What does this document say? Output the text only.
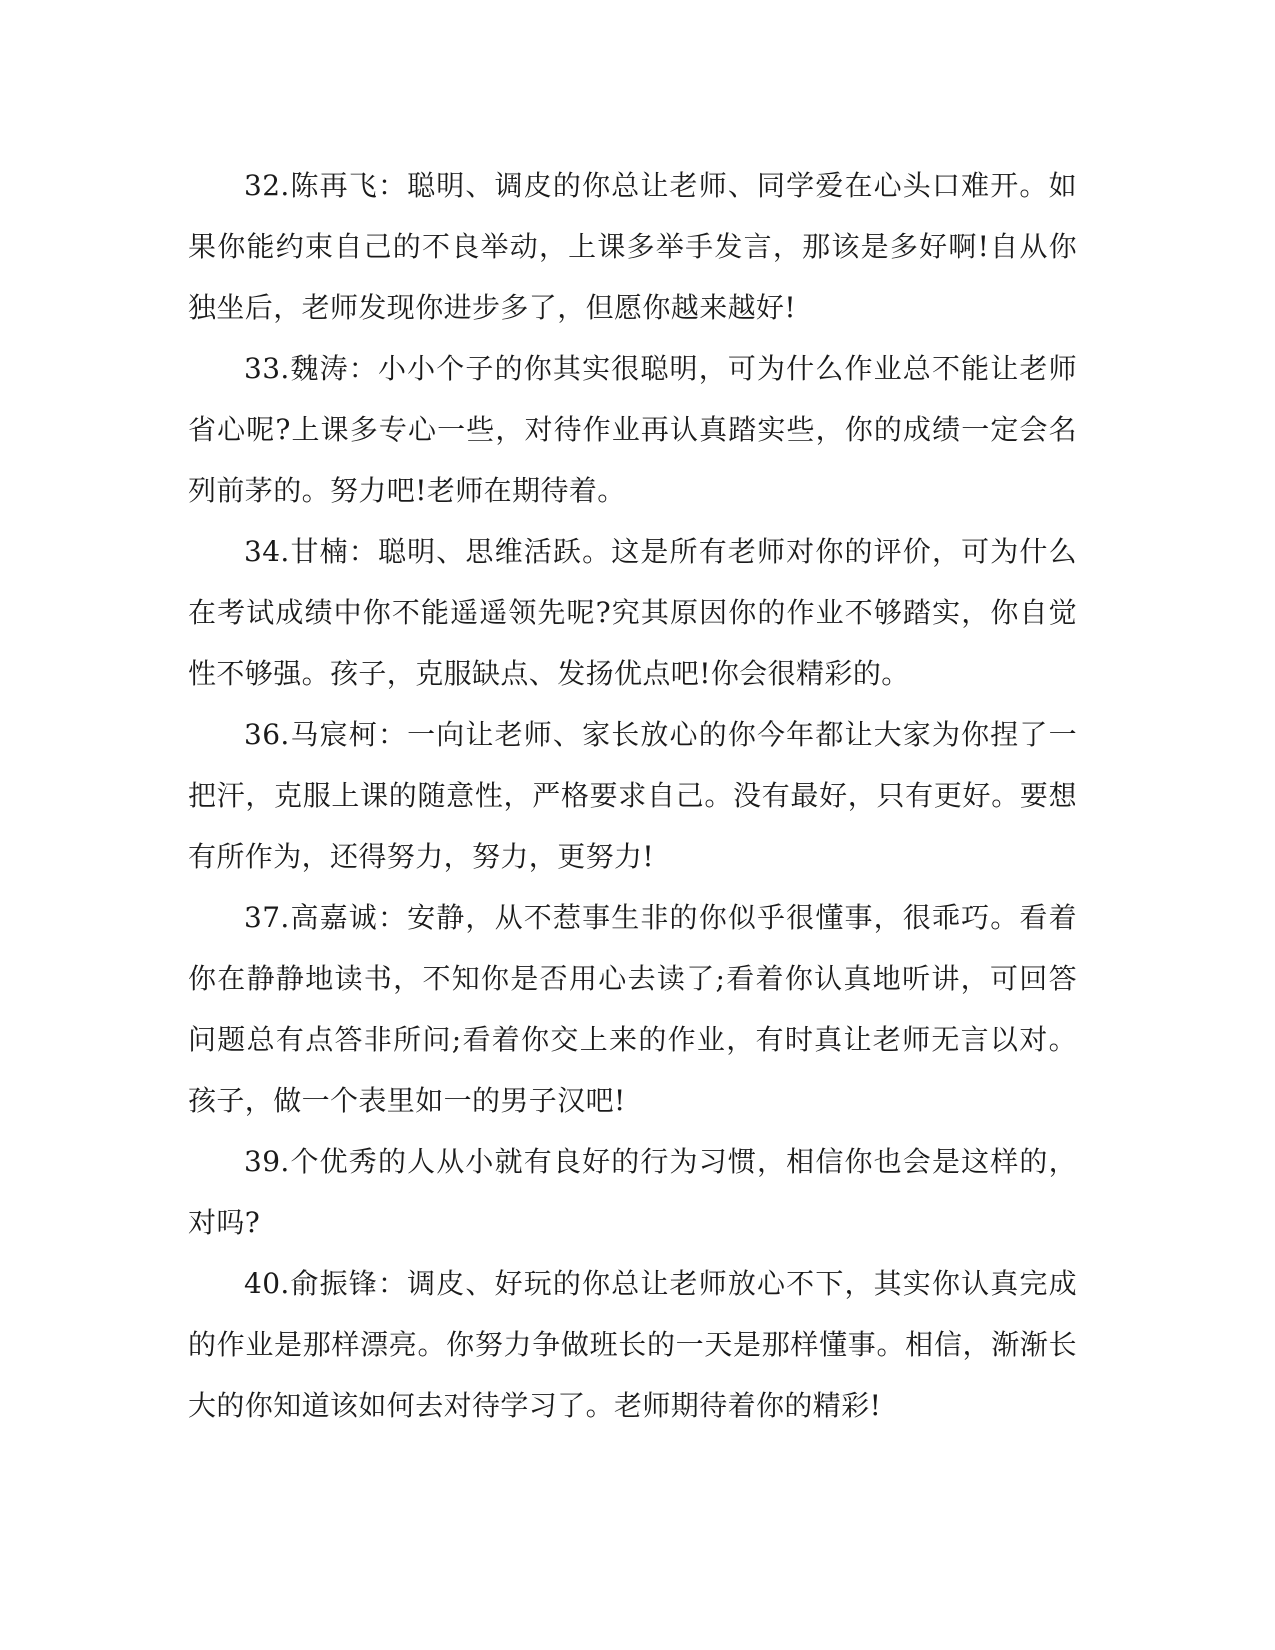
32.陈再飞：聪明、调皮的你总让老师、同学爱在心头口难开。如果你能约束自己的不良举动，上课多举手发言，那该是多好啊!自从你独坐后，老师发现你进步多了，但愿你越来越好!

33.魏涛：小小个子的你其实很聪明，可为什么作业总不能让老师省心呢?上课多专心一些，对待作业再认真踏实些，你的成绩一定会名列前茅的。努力吧!老师在期待着。

34.甘楠：聪明、思维活跃。这是所有老师对你的评价，可为什么在考试成绩中你不能遥遥领先呢?究其原因你的作业不够踏实，你自觉性不够强。孩子，克服缺点、发扬优点吧!你会很精彩的。

36.马宸柯：一向让老师、家长放心的你今年都让大家为你捏了一把汗，克服上课的随意性，严格要求自己。没有最好，只有更好。要想有所作为，还得努力，努力，更努力!

37.高嘉诚：安静，从不惹事生非的你似乎很懂事，很乖巧。看着你在静静地读书，不知你是否用心去读了;看着你认真地听讲，可回答问题总有点答非所问;看着你交上来的作业，有时真让老师无言以对。孩子，做一个表里如一的男子汉吧!

39.个优秀的人从小就有良好的行为习惯，相信你也会是这样的，对吗?

40.俞振锋：调皮、好玩的你总让老师放心不下，其实你认真完成的作业是那样漂亮。你努力争做班长的一天是那样懂事。相信，渐渐长大的你知道该如何去对待学习了。老师期待着你的精彩!
